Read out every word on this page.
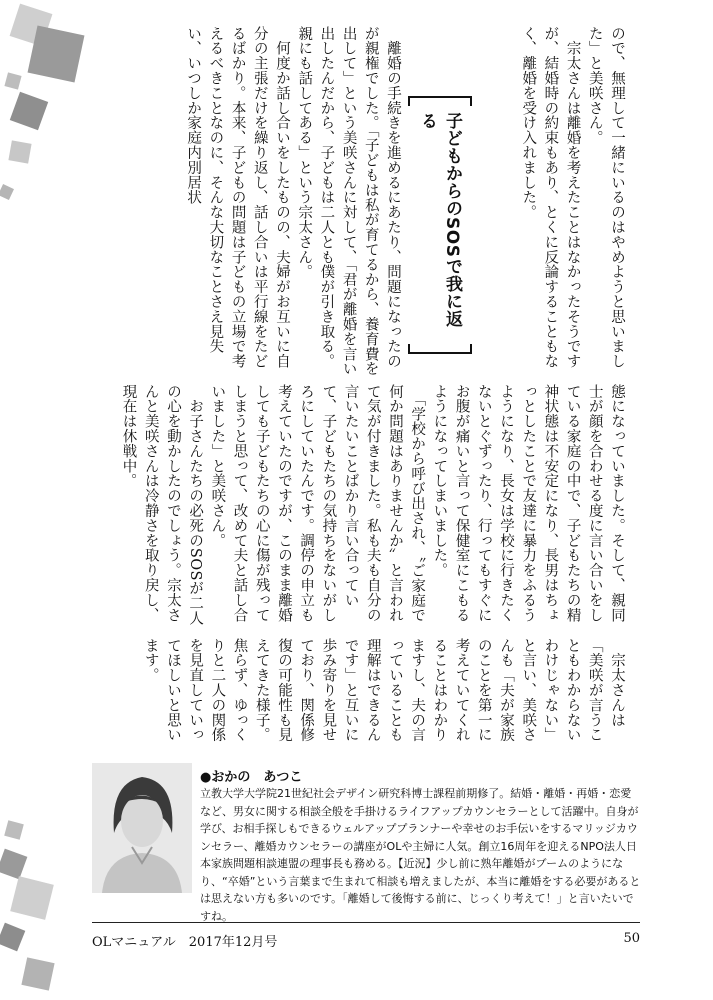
ので、無理して一緒にいるのはやめようと思いました」と美咲さん。
　宗太さんは離婚を考えたことはなかったそうですが、結婚時の約束もあり、とくに反論することもなく、離婚を受け入れました。
子どもからのSOSで我に返る
　離婚の手続きを進めるにあたり、問題になったのが親権でした。「子どもは私が育てるから、養育費を出して」という美咲さんに対して、「君が離婚を言い出したんだから、子どもは二人とも僕が引き取る。親にも話してある」という宗太さん。
　何度か話し合いをしたものの、夫婦がお互いに自分の主張だけを繰り返し、話し合いは平行線をたどるばかり。本来、子どもの問題は子どもの立場で考えるべきことなのに、そんな大切なことさえ見失い、いつしか家庭内別居状
態になっていました。そして、親同士が顔を合わせる度に言い合いをしている家庭の中で、子どもたちの精神状態は不安定になり、長男はちょっとしたことで友達に暴力をふるうようになり、長女は学校に行きたくないとぐずったり、行ってもすぐにお腹が痛いと言って保健室にこもるようになってしまいました。
　「学校から呼び出され、〝ご家庭で何か問題はありませんか〟と言われて気が付きました。私も夫も自分の言いたいことばかり言い合っていて、子どもたちの気持ちをないがしろにしていたんです。調停の申立も考えていたのですが、このまま離婚しても子どもたちの心に傷が残ってしまうと思って、改めて夫と話し合いました」と美咲さん。
　お子さんたちの必死のSOSが二人の心を動かしたのでしょう。宗太さんと美咲さんは冷静さを取り戻し、現在は休戦中。
　宗太さんは「美咲が言うこともわからないわけじゃない」と言い、美咲さんも「夫が家族のことを第一に考えていてくれることはわかりますし、夫の言っていることも理解はできるんです」と互いに歩み寄りを見せており、関係修復の可能性も見えてきた様子。焦らず、ゆっくりと二人の関係を見直していってほしいと思います。
●おかの　あつこ

立教大学大学院21世紀社会デザイン研究科博士課程前期修了。結婚・離婚・再婚・恋愛など、男女に関する相談全般を手掛けるライフアップカウンセラーとして活躍中。自身が学び、お相手探しもできるウェルアッププランナーや幸せのお手伝いをするマリッジカウンセラー、離婚カウンセラーの講座がOLや主婦に人気。創立16周年を迎えるNPO法人日本家族問題相談連盟の理事長も務める。【近況】少し前に熟年離婚がブームのようになり、“卒婚”という言葉まで生まれて相談も増えましたが、本当に離婚をする必要があるとは思えない方も多いのです。「離婚して後悔する前に、じっくり考えて！」と言いたいですね。

OLマニュアル　2017年12月号	50
